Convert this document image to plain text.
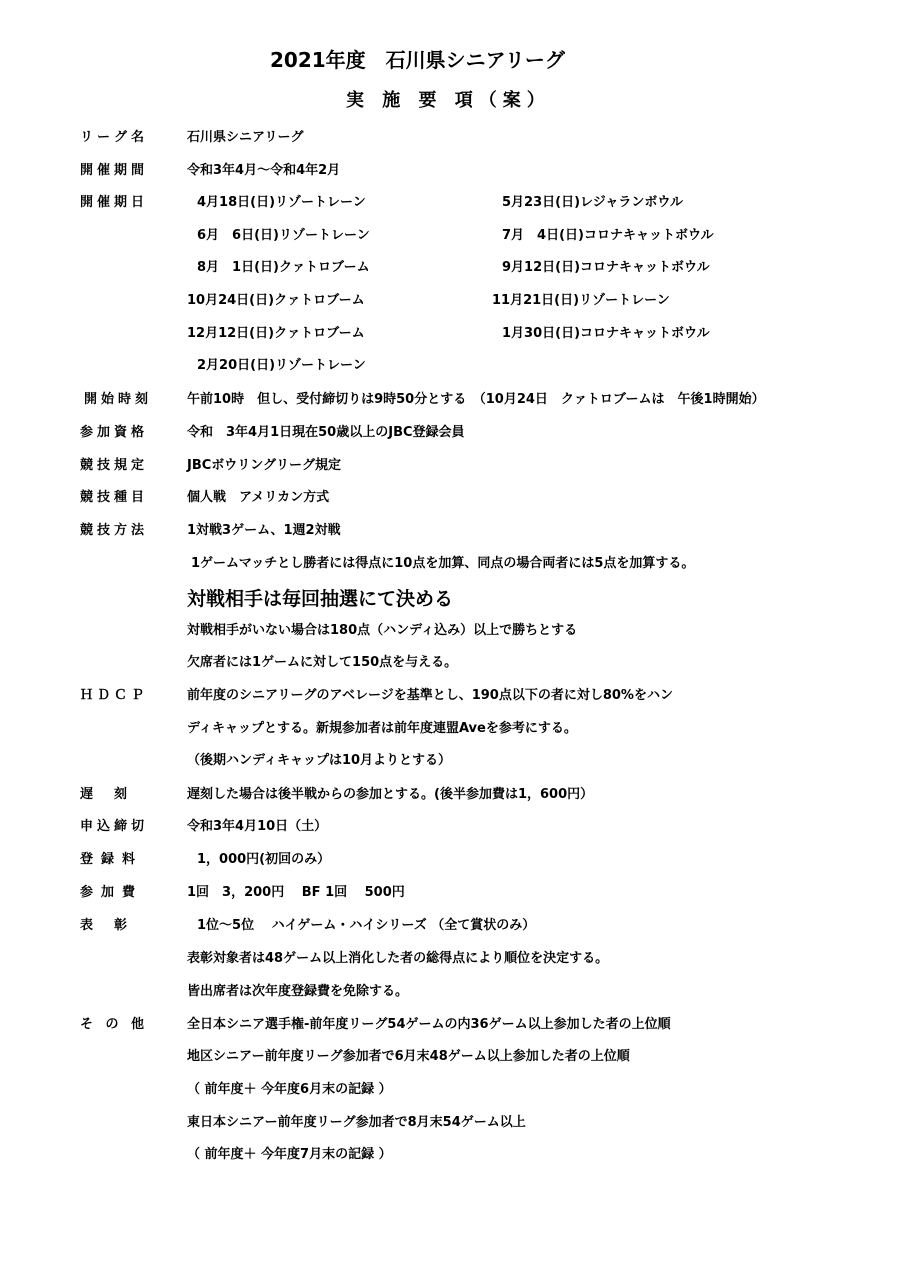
2021年度　石川県シニアリーグ
実 施 要 項（案）
リーグ名	石川県シニアリーグ
開催期間	令和3年4月～令和4年2月
開催期日	4月18日(日)リゾートレーン	5月23日(日)レジャランボウル
6月　6日(日)リゾートレーン	7月　4日(日)コロナキャットボウル
8月　1日(日)クァトロブーム	9月12日(日)コロナキャットボウル
10月24日(日)クァトロブーム	11月21日(日)リゾートレーン
12月12日(日)クァトロブーム	1月30日(日)コロナキャットボウル
2月20日(日)リゾートレーン
開始時刻	午前10時　但し、受付締切りは9時50分とする　（10月24日　クァトロブームは　午後1時開始）
参加資格	令和　3年4月1日現在50歳以上のJBC登録会員
競技規定	JBCボウリングリーグ規定
競技種目	個人戦　アメリカン方式
競技方法	1対戦3ゲーム、1週2対戦
1ゲームマッチとし勝者には得点に10点を加算、同点の場合両者には5点を加算する。
対戦相手は毎回抽選にて決める
対戦相手がいない場合は180点（ハンディ込み）以上で勝ちとする
欠席者には1ゲームに対して150点を与える。
ＨＤＣＰ	前年度のシニアリーグのアベレージを基準とし、190点以下の者に対し80%をハン
ディキャップとする。新規参加者は前年度連盟Aveを参考にする。
（後期ハンディキャップは10月よりとする）
遅　刻	遅刻した場合は後半戦からの参加とする。(後半参加費は1，600円）
申込締切	令和3年4月10日（土）
登録料	1，000円(初回のみ）
参加費	1回　3，200円　 BF 1回　 500円
表　彰	1位～5位　 ハイゲーム・ハイシリーズ （全て賞状のみ）
表彰対象者は48ゲーム以上消化した者の総得点により順位を決定する。
皆出席者は次年度登録費を免除する。
そ の 他	全日本シニア選手権-前年度リーグ54ゲームの内36ゲーム以上参加した者の上位順
地区シニアー前年度リーグ参加者で6月末48ゲーム以上参加した者の上位順
（ 前年度＋ 今年度6月末の記録 ）
東日本シニアー前年度リーグ参加者で8月末54ゲーム以上
（ 前年度＋ 今年度7月末の記録 ）
